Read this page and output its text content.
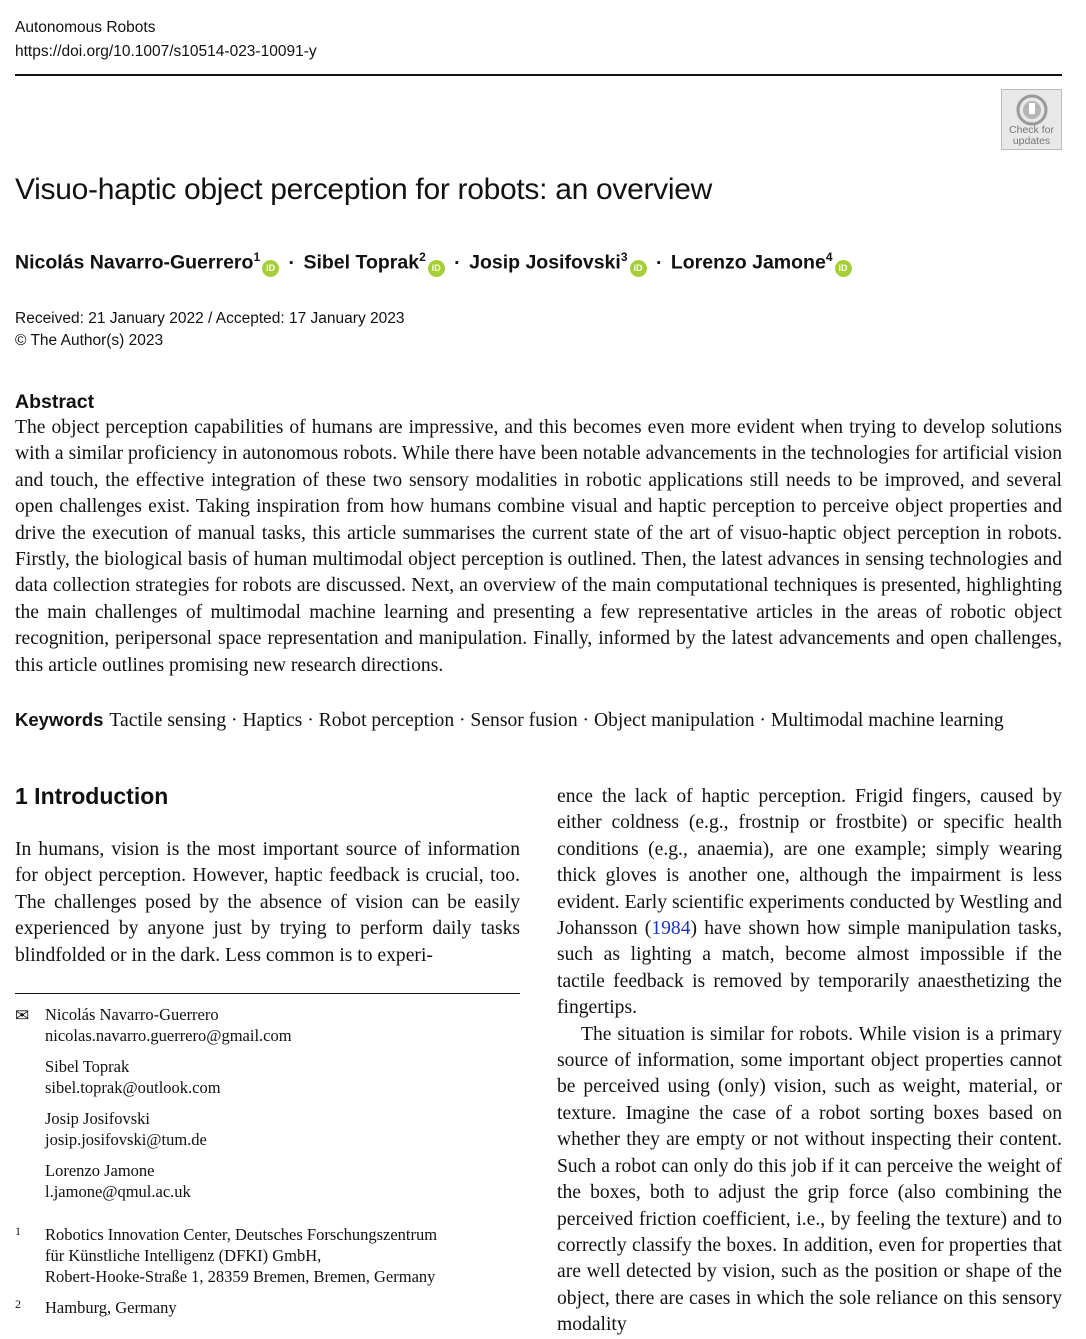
Autonomous Robots
https://doi.org/10.1007/s10514-023-10091-y
Check for
updates
Visuo-haptic object perception for robots: an overview
Nicolás Navarro-Guerrero$^1$iD · Sibel Toprak$^2$iD · Josip Josifovski$^3$iD · Lorenzo Jamone$^4$iD
Received: 21 January 2022 / Accepted: 17 January 2023
© The Author(s) 2023
Abstract

The object perception capabilities of humans are impressive, and this becomes even more evident when trying to develop solutions with a similar proficiency in autonomous robots. While there have been notable advancements in the technologies for artificial vision and touch, the effective integration of these two sensory modalities in robotic applications still needs to be improved, and several open challenges exist. Taking inspiration from how humans combine visual and haptic perception to perceive object properties and drive the execution of manual tasks, this article summarises the current state of the art of visuo-haptic object perception in robots. Firstly, the biological basis of human multimodal object perception is outlined. Then, the latest advances in sensing technologies and data collection strategies for robots are discussed. Next, an overview of the main computational techniques is presented, highlighting the main challenges of multimodal machine learning and presenting a few representative articles in the areas of robotic object recognition, peripersonal space representation and manipulation. Finally, informed by the latest advancements and open challenges, this article outlines promising new research directions.

Keywords Tactile sensing · Haptics · Robot perception · Sensor fusion · Object manipulation · Multimodal machine learning
1 Introduction

In humans, vision is the most important source of information for object perception. However, haptic feedback is crucial, too. The challenges posed by the absence of vision can be easily experienced by anyone just by trying to perform daily tasks blindfolded or in the dark. Less common is to experi-

✉ Nicolás Navarro-Guerrero
nicolas.navarro.guerrero@gmail.com
Sibel Toprak
sibel.toprak@outlook.com
Josip Josifovski
josip.josifovski@tum.de
Lorenzo Jamone
l.jamone@qmul.ac.uk
1 Robotics Innovation Center, Deutsches Forschungszentrum
für Künstliche Intelligenz (DFKI) GmbH,
Robert-Hooke-Straße 1, 28359 Bremen, Bremen, Germany
2 Hamburg, Germany

ence the lack of haptic perception. Frigid fingers, caused by either coldness (e.g., frostnip or frostbite) or specific health conditions (e.g., anaemia), are one example; simply wearing thick gloves is another one, although the impairment is less evident. Early scientific experiments conducted by Westling and Johansson (1984) have shown how simple manipulation tasks, such as lighting a match, become almost impossible if the tactile feedback is removed by temporarily anaesthetizing the fingertips.

The situation is similar for robots. While vision is a primary source of information, some important object properties cannot be perceived using (only) vision, such as weight, material, or texture. Imagine the case of a robot sorting boxes based on whether they are empty or not without inspecting their content. Such a robot can only do this job if it can perceive the weight of the boxes, both to adjust the grip force (also combining the perceived friction coefficient, i.e., by feeling the texture) and to correctly classify the boxes. In addition, even for properties that are well detected by vision, such as the position or shape of the object, there are cases in which the sole reliance on this sensory modality
